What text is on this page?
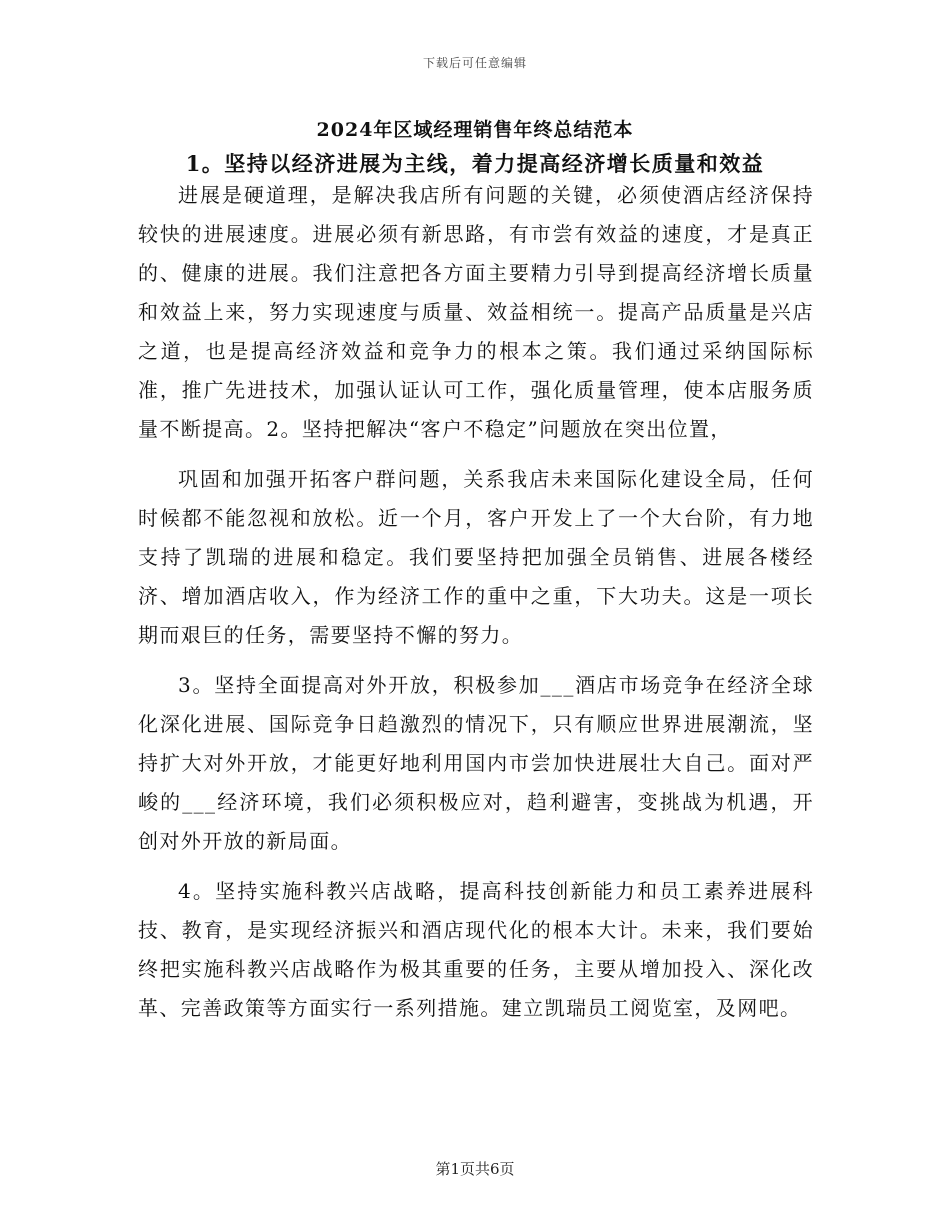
下载后可任意编辑
2024年区域经理销售年终总结范本
1。坚持以经济进展为主线，着力提高经济增长质量和效益

进展是硬道理，是解决我店所有问题的关键，必须使酒店经济保持较快的进展速度。进展必须有新思路，有市尝有效益的速度，才是真正的、健康的进展。我们注意把各方面主要精力引导到提高经济增长质量和效益上来，努力实现速度与质量、效益相统一。提高产品质量是兴店之道，也是提高经济效益和竞争力的根本之策。我们通过采纳国际标准，推广先进技术，加强认证认可工作，强化质量管理，使本店服务质量不断提高。2。坚持把解决“客户不稳定”问题放在突出位置，

巩固和加强开拓客户群问题，关系我店未来国际化建设全局，任何时候都不能忽视和放松。近一个月，客户开发上了一个大台阶，有力地支持了凯瑞的进展和稳定。我们要坚持把加强全员销售、进展各楼经济、增加酒店收入，作为经济工作的重中之重，下大功夫。这是一项长期而艰巨的任务，需要坚持不懈的努力。

3。坚持全面提高对外开放，积极参加___酒店市场竞争在经济全球化深化进展、国际竞争日趋激烈的情况下，只有顺应世界进展潮流，坚持扩大对外开放，才能更好地利用国内市尝加快进展壮大自己。面对严峻的___经济环境，我们必须积极应对，趋利避害，变挑战为机遇，开创对外开放的新局面。

4。坚持实施科教兴店战略，提高科技创新能力和员工素养进展科技、教育，是实现经济振兴和酒店现代化的根本大计。未来，我们要始终把实施科教兴店战略作为极其重要的任务，主要从增加投入、深化改革、完善政策等方面实行一系列措施。建立凯瑞员工阅览室，及网吧。

第1页共6页
